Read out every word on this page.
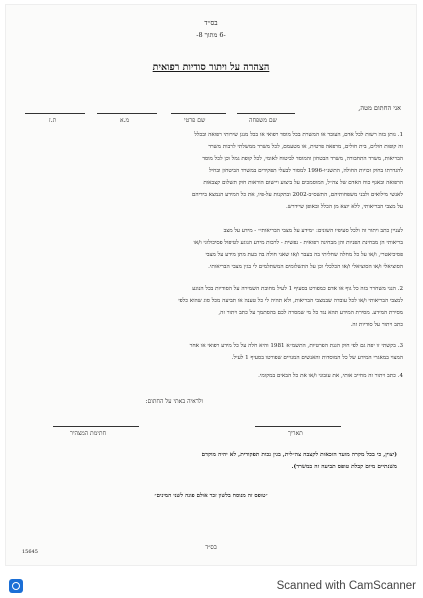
בס״ד
-6 מתוך 8-
הצהרה על ויתור סודיות רפואית
אני החתום מטה,
ת.ז	מ.א	שם פרטי	שם משפחה
1. נותן בזה רשות לכל אדם, העובד או המשרת בכל מוסד רפואי או בכל מנגן שירותי רפואה ובכלל
זה קופות חולים, בית חולים, מרפאה פרטית, או מטעמם, לכל משרד ממשלתי לרבות משרד
הבריאות, משרד התחבורה, משרד הבטחון והמוסד לביטוח לאומי, לכל קופת גמל וכן לכל מוסד
להגדרתו בחוק זכויות החולה, התשנ״ו-1996 למסור לבעלי תפקידים במשרד הביטחון ובחיל
הרפואה ובאגף כוח האדם של צה״ל, המוסמכים על ביצוע ויישום הוראות חוק תשלום קצבאות
לאנשי מילואים ולבני משפחותיהם, התשס״ב-2002 ובתקנות על-פיו, את כל המידע הנמצא בידיהם
על מצבי הבריאותי, ללא יוצא מן הכלל ובאופן שיידרש.
לעניין כתב ויתור זה ולכל סעיפיו השונים: ״מידע על מצבי הבריאותי״ - מידע על מצב
בריאותי הן מבחינת הפניות והן מבחינה רפואית - נפשית - לרבות מידע הנוגע לטיפול פסיכולוגי ו/או
פסיכיאטרי, ו/או על כל מחלה שחליתי בה בעבר ו/או שאני חולה בה בעת מתן מידע על מצבי
הסוציאלי ו/או הסוציאלי ו/או הכלכלי וכן על התשלומים המשתלמים לי בגין מצבי הבריאותי.
2. הנני משחרר בזה כל גוף או אדם כמפורט בסעיף 1 לעיל מחובת השמירה על הסודיות בכל הנוגע
למצבי הבריאותי ו/או לכל עובדה שבמצבי הבריאות, ולא תהיה לי כל טענה או תביעה מכל סוג שהוא כלפי
מסירת המידע. מסירת המידע תהא נגד כל מי שמסרה לכם בהסתמך על כתב ויתור זה,
כתב ויתור על סודיות זה.
3. בקשתי זו יפה גם לפי חוק הגנת הפרטיות, התשמ״א 1981 והיא חלה על כל מידע רפואי או אחר
המצוי במאגרי המידע של כל המוסדות והאנשים המנויים שפורטו בסעיף 1 לעיל.
4. כתב ויתור זה מחייב אותי, את עזבוני ו/או את כל הבאים במקומי.
ולראיה באתי על החתום:
תאריך
חתימת המצהיר
(יצוין, כי בכל מקרה מועד הזכאות לקצבה צה״לית, בגין נכות תפקודית, לא יהיה מוקדם
משנתיים מיום קבלת טופס תביעה זה במשרד).
״טופס זה מנוסח בלשון זכר אולם פונה לשני המינים״
בס״ד
15645
Scanned with CamScanner
